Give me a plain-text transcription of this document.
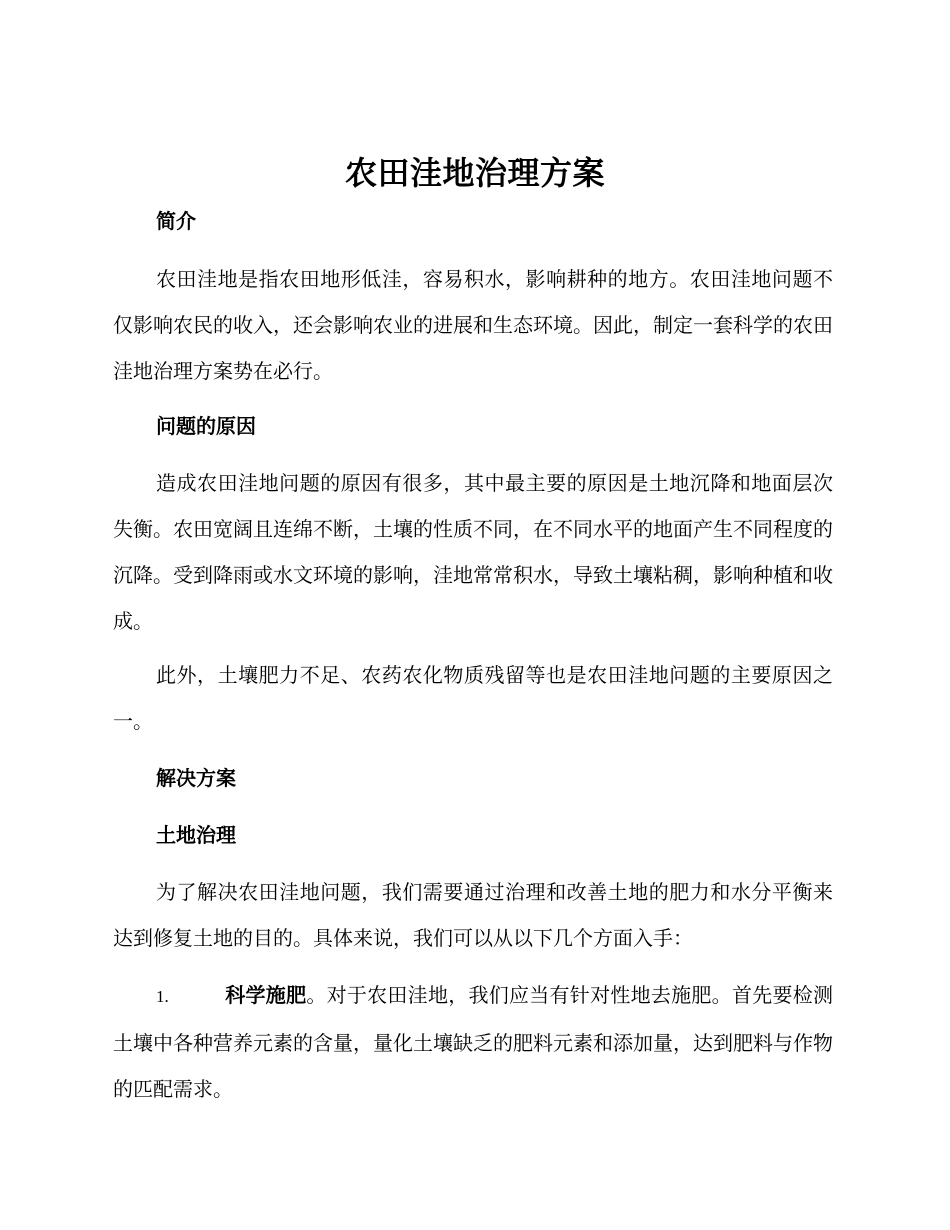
农田洼地治理方案
简介
农田洼地是指农田地形低洼，容易积水，影响耕种的地方。农田洼地问题不仅影响农民的收入，还会影响农业的进展和生态环境。因此，制定一套科学的农田洼地治理方案势在必行。
问题的原因
造成农田洼地问题的原因有很多，其中最主要的原因是土地沉降和地面层次失衡。农田宽阔且连绵不断，土壤的性质不同，在不同水平的地面产生不同程度的沉降。受到降雨或水文环境的影响，洼地常常积水，导致土壤粘稠，影响种植和收成。
此外，土壤肥力不足、农药农化物质残留等也是农田洼地问题的主要原因之一。
解决方案
土地治理
为了解决农田洼地问题，我们需要通过治理和改善土地的肥力和水分平衡来达到修复土地的目的。具体来说，我们可以从以下几个方面入手：
1.	科学施肥。对于农田洼地，我们应当有针对性地去施肥。首先要检测土壤中各种营养元素的含量，量化土壤缺乏的肥料元素和添加量，达到肥料与作物的匹配需求。
